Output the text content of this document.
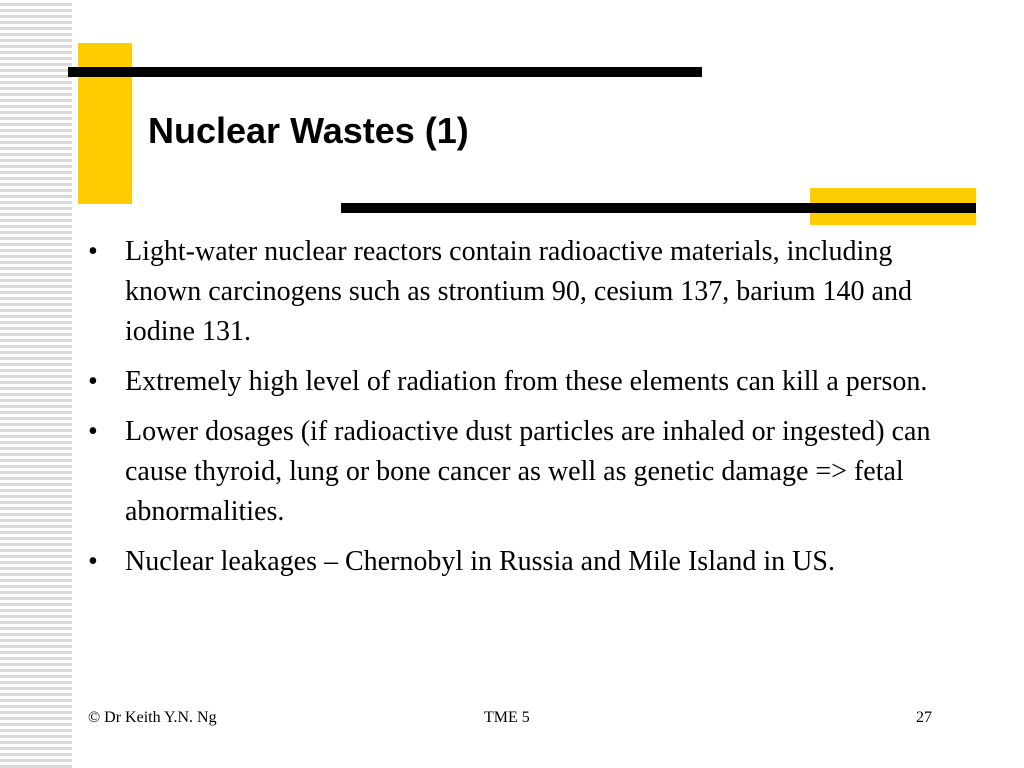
Nuclear Wastes (1)
• Light-water nuclear reactors contain radioactive materials, including known carcinogens such as strontium 90, cesium 137, barium 140 and iodine 131.
• Extremely high level of radiation from these elements can kill a person.
• Lower dosages (if radioactive dust particles are inhaled or ingested) can cause thyroid, lung or bone cancer as well as genetic damage => fetal abnormalities.
• Nuclear leakages – Chernobyl in Russia and Mile Island in US.
© Dr Keith Y.N. Ng	TME 5	27
